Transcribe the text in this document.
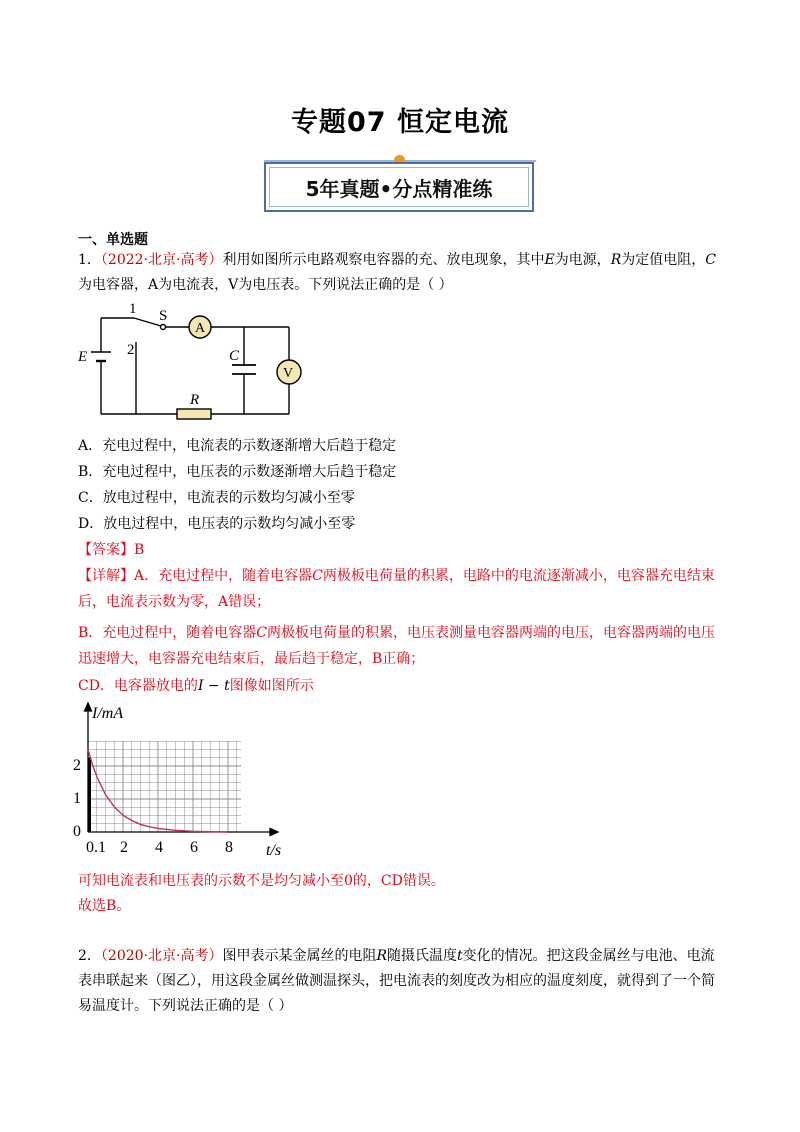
专题07 恒定电流
5年真题•分点精准练
一、单选题
1．（2022·北京·高考）利用如图所示电路观察电容器的充、放电现象，其中E为电源，R为定值电阻，C
为电容器，A为电流表，V为电压表。下列说法正确的是（ ）
1 S
2
E
A
C
V
R
A．充电过程中，电流表的示数逐渐增大后趋于稳定
B．充电过程中，电压表的示数逐渐增大后趋于稳定
C．放电过程中，电流表的示数均匀减小至零
D．放电过程中，电压表的示数均匀减小至零
【答案】B
【详解】A．充电过程中，随着电容器C两极板电荷量的积累，电路中的电流逐渐减小，电容器充电结束
后，电流表示数为零，A错误；
B．充电过程中，随着电容器C两极板电荷量的积累，电压表测量电容器两端的电压，电容器两端的电压
迅速增大，电容器充电结束后，最后趋于稳定，B正确；
CD．电容器放电的I − t图像如图所示
I/mA
t/s
0
1
2
0.1 2 4 6 8
可知电流表和电压表的示数不是均匀减小至0的，CD错误。
故选B。
2．（2020·北京·高考）图甲表示某金属丝的电阻R随摄氏温度t变化的情况。把这段金属丝与电池、电流
表串联起来（图乙），用这段金属丝做测温探头，把电流表的刻度改为相应的温度刻度，就得到了一个简
易温度计。下列说法正确的是（ ）
